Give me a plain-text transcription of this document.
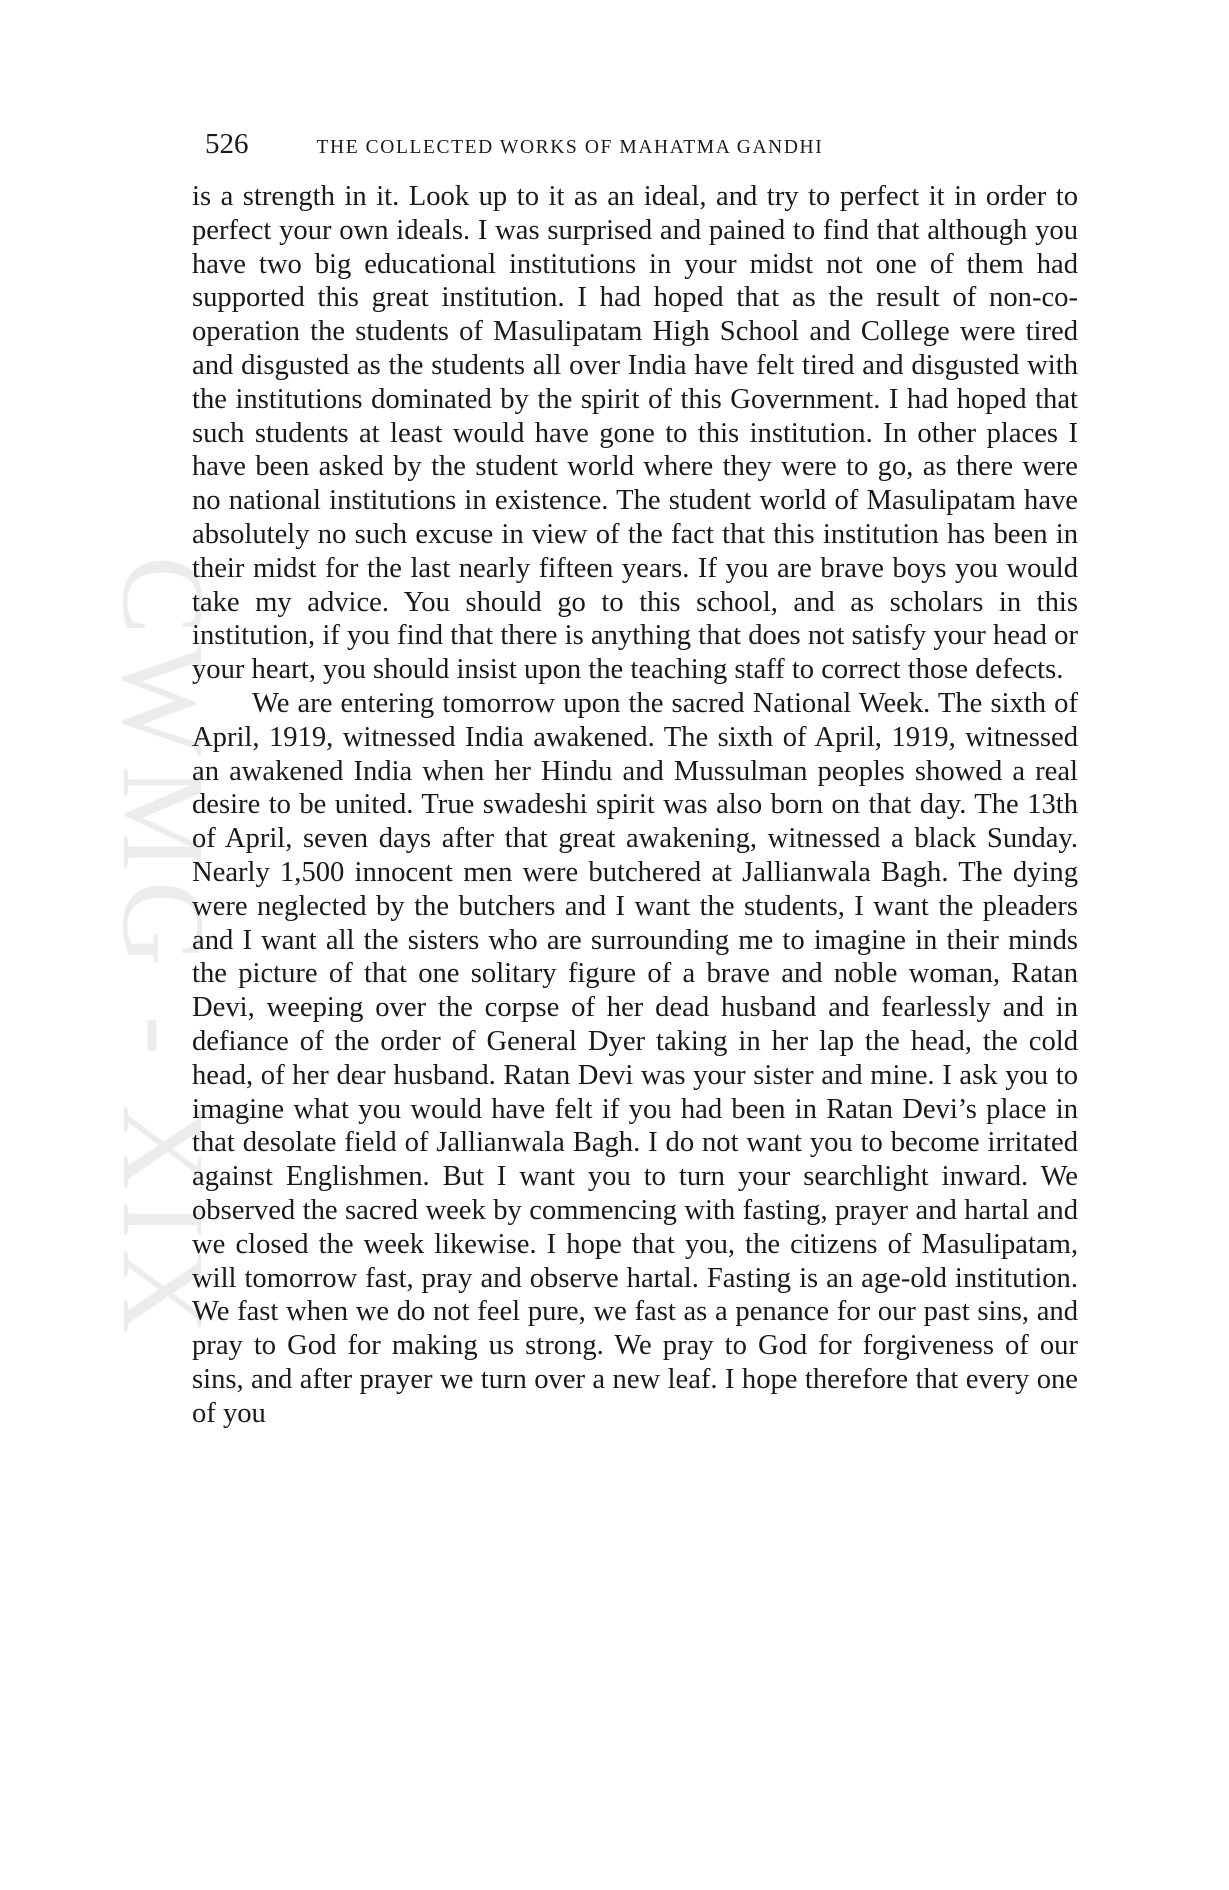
CWMG - XIX
526	THE COLLECTED WORKS OF MAHATMA GANDHI

is a strength in it. Look up to it as an ideal, and try to perfect it in order to perfect your own ideals. I was surprised and pained to find that although you have two big educational institutions in your midst not one of them had supported this great institution. I had hoped that as the result of non-co-operation the students of Masulipatam High School and College were tired and disgusted as the students all over India have felt tired and disgusted with the institutions dominated by the spirit of this Government. I had hoped that such students at least would have gone to this institution. In other places I have been asked by the student world where they were to go, as there were no national institutions in existence. The student world of Masulipatam have absolutely no such excuse in view of the fact that this institution has been in their midst for the last nearly fifteen years. If you are brave boys you would take my advice. You should go to this school, and as scholars in this institution, if you find that there is anything that does not satisfy your head or your heart, you should insist upon the teaching staff to correct those defects.

We are entering tomorrow upon the sacred National Week. The sixth of April, 1919, witnessed India awakened. The sixth of April, 1919, witnessed an awakened India when her Hindu and Mussulman peoples showed a real desire to be united. True swadeshi spirit was also born on that day. The 13th of April, seven days after that great awakening, witnessed a black Sunday. Nearly 1,500 innocent men were butchered at Jallianwala Bagh. The dying were neglected by the butchers and I want the students, I want the pleaders and I want all the sisters who are surrounding me to imagine in their minds the picture of that one solitary figure of a brave and noble woman, Ratan Devi, weeping over the corpse of her dead husband and fearlessly and in defiance of the order of General Dyer taking in her lap the head, the cold head, of her dear husband. Ratan Devi was your sister and mine. I ask you to imagine what you would have felt if you had been in Ratan Devi’s place in that desolate field of Jallianwala Bagh. I do not want you to become irritated against Englishmen. But I want you to turn your searchlight inward. We observed the sacred week by commencing with fasting, prayer and hartal and we closed the week likewise. I hope that you, the citizens of Masulipatam, will tomorrow fast, pray and observe hartal. Fasting is an age-old institution. We fast when we do not feel pure, we fast as a penance for our past sins, and pray to God for making us strong. We pray to God for forgiveness of our sins, and after prayer we turn over a new leaf. I hope therefore that every one of you
